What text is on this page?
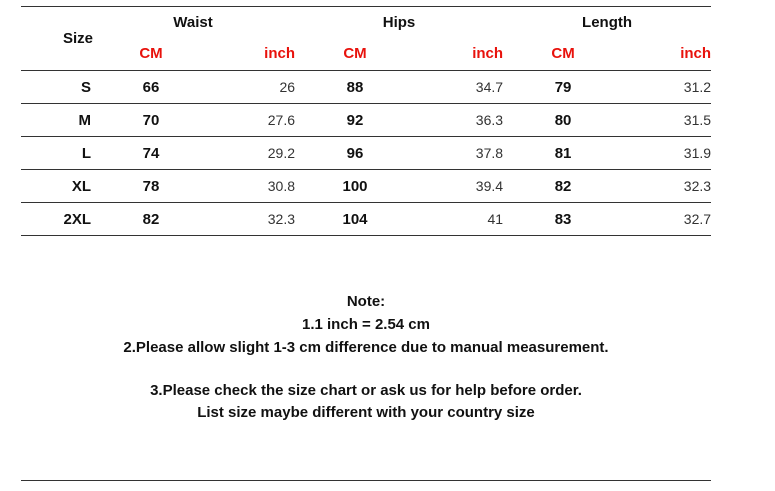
Size	Waist		Hips		Length	
	CM	inch	CM	inch	CM	inch
S	66	26	88	34.7	79	31.2
M	70	27.6	92	36.3	80	31.5
L	74	29.2	96	37.8	81	31.9
XL	78	30.8	100	39.4	82	32.3
2XL	82	32.3	104	41	83	32.7
Note:
1.1 inch = 2.54 cm
2.Please allow slight 1-3 cm difference due to manual measurement.
3.Please check the size chart or ask us for help before order.
List size maybe different with your country size
